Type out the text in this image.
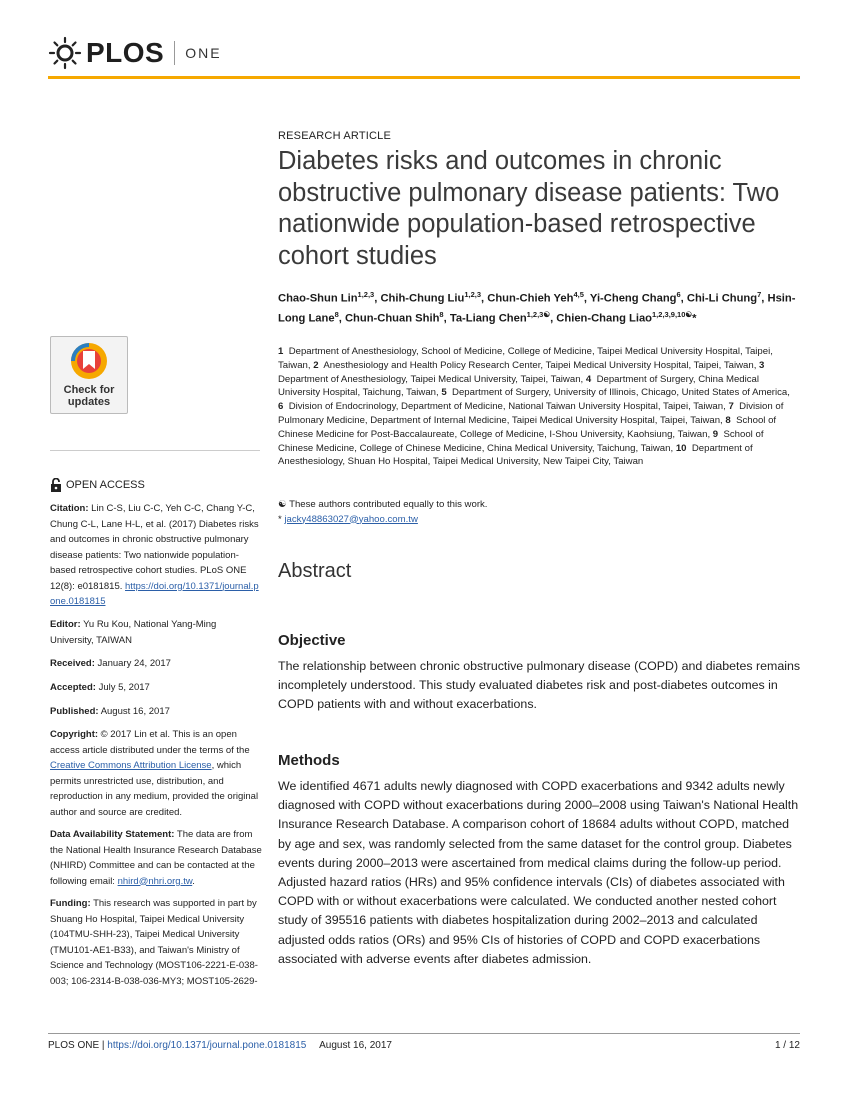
PLOS ONE
Check for
updates
OPEN ACCESS
Citation: Lin C-S, Liu C-C, Yeh C-C, Chang Y-C, Chung C-L, Lane H-L, et al. (2017) Diabetes risks and outcomes in chronic obstructive pulmonary disease patients: Two nationwide population-based retrospective cohort studies. PLoS ONE 12(8): e0181815. https://doi.org/10.1371/journal.pone.0181815
Editor: Yu Ru Kou, National Yang-Ming University, TAIWAN
Received: January 24, 2017
Accepted: July 5, 2017
Published: August 16, 2017
Copyright: © 2017 Lin et al. This is an open access article distributed under the terms of the Creative Commons Attribution License, which permits unrestricted use, distribution, and reproduction in any medium, provided the original author and source are credited.
Data Availability Statement: The data are from the National Health Insurance Research Database (NHIRD) Committee and can be contacted at the following email: nhird@nhri.org.tw.
Funding: This research was supported in part by Shuang Ho Hospital, Taipei Medical University (104TMU-SHH-23), Taipei Medical University (TMU101-AE1-B33), and Taiwan's Ministry of Science and Technology (MOST106-2221-E-038-003; 106-2314-B-038-036-MY3; MOST105-2629-
RESEARCH ARTICLE
Diabetes risks and outcomes in chronic obstructive pulmonary disease patients: Two nationwide population-based retrospective cohort studies
Chao-Shun Lin$^{1,2,3}$, Chih-Chung Liu$^{1,2,3}$, Chun-Chieh Yeh$^{4,5}$, Yi-Cheng Chang$^6$, Chi-Li Chung$^7$, Hsin-Long Lane$^8$, Chun-Chuan Shih$^8$, Ta-Liang Chen$^{1,2,3☯}$, Chien-Chang Liao$^{1,2,3,9,10☯}$*
1 Department of Anesthesiology, School of Medicine, College of Medicine, Taipei Medical University Hospital, Taipei, Taiwan, 2 Anesthesiology and Health Policy Research Center, Taipei Medical University Hospital, Taipei, Taiwan, 3  Department of Anesthesiology, Taipei Medical University, Taipei, Taiwan, 4 Department of Surgery, China Medical University Hospital, Taichung, Taiwan, 5 Department of Surgery, University of Illinois, Chicago, United States of America, 6 Division of Endocrinology, Department of Medicine, National Taiwan University Hospital, Taipei, Taiwan, 7 Division of Pulmonary Medicine, Department of Internal Medicine, Taipei Medical University Hospital, Taipei, Taiwan, 8 School of Chinese Medicine for Post-Baccalaureate, College of Medicine, I-Shou University, Kaohsiung, Taiwan, 9 School of Chinese Medicine, College of Chinese Medicine, China Medical University, Taichung, Taiwan, 10 Department of Anesthesiology, Shuan Ho Hospital, Taipei Medical University, New Taipei City, Taiwan
☯ These authors contributed equally to this work.
* jacky48863027@yahoo.com.tw
Abstract
Objective
The relationship between chronic obstructive pulmonary disease (COPD) and diabetes remains incompletely understood. This study evaluated diabetes risk and post-diabetes outcomes in COPD patients with and without exacerbations.
Methods
We identified 4671 adults newly diagnosed with COPD exacerbations and 9342 adults newly diagnosed with COPD without exacerbations during 2000–2008 using Taiwan's National Health Insurance Research Database. A comparison cohort of 18684 adults without COPD, matched by age and sex, was randomly selected from the same dataset for the control group. Diabetes events during 2000–2013 were ascertained from medical claims during the follow-up period. Adjusted hazard ratios (HRs) and 95% confidence intervals (CIs) of diabetes associated with COPD with or without exacerbations were calculated. We conducted another nested cohort study of 395516 patients with diabetes hospitalization during 2002–2013 and calculated adjusted odds ratios (ORs) and 95% CIs of histories of COPD and COPD exacerbations associated with adverse events after diabetes admission.
PLOS ONE | https://doi.org/10.1371/journal.pone.0181815 August 16, 2017	1 / 12
